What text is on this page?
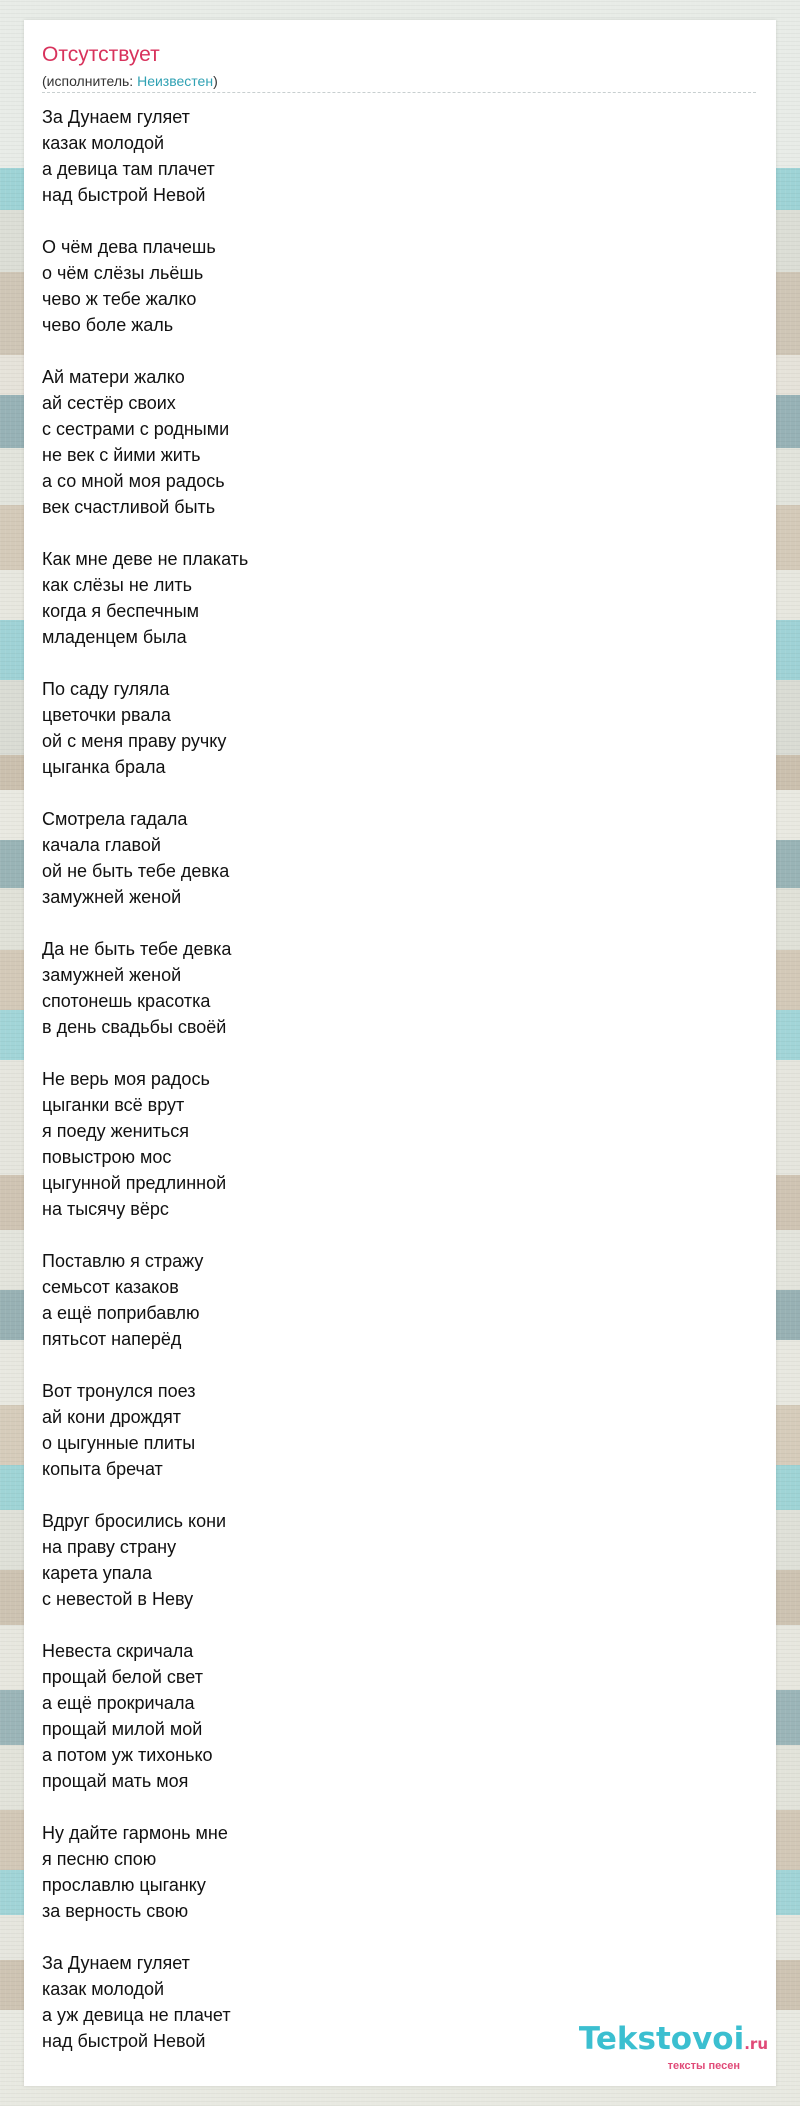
Отсутствует
(исполнитель: Неизвестен)
За Дунаем гуляет
казак молодой
а девица там плачет
над быстрой Невой
О чём дева плачешь
о чём слёзы льёшь
чево ж тебе жалко
чево боле жаль
Ай матери жалко
ай сестёр своих
с сестрами с родными
не век с йими жить
а со мной моя радось
век счастливой быть
Как мне деве не плакать
как слёзы не лить
когда я беспечным
младенцем была
По саду гуляла
цветочки рвала
ой с меня праву ручку
цыганка брала
Смотрела гадала
качала главой
ой не быть тебе девка
замужней женой
Да не быть тебе девка
замужней женой
спотонешь красотка
в день свадьбы своёй
Не верь моя радось
цыганки всё врут
я поеду жениться
повыстрою мос
цыгунной предлинной
на тысячу вёрс
Поставлю я стражу
семьсот казаков
а ещё поприбавлю
пятьсот наперёд
Вот тронулся поез
ай кони дрождят
о цыгунные плиты
копыта бречат
Вдруг бросились кони
на праву страну
карета упала
с невестой в Неву
Невеста скричала
прощай белой свет
а ещё прокричала
прощай милой мой
а потом уж тихонько
прощай мать моя
Ну дайте гармонь мне
я песню спою
прославлю цыганку
за верность свою
За Дунаем гуляет
казак молодой
а уж девица не плачет
над быстрой Невой	Tekstovoi.ru
тексты песен
